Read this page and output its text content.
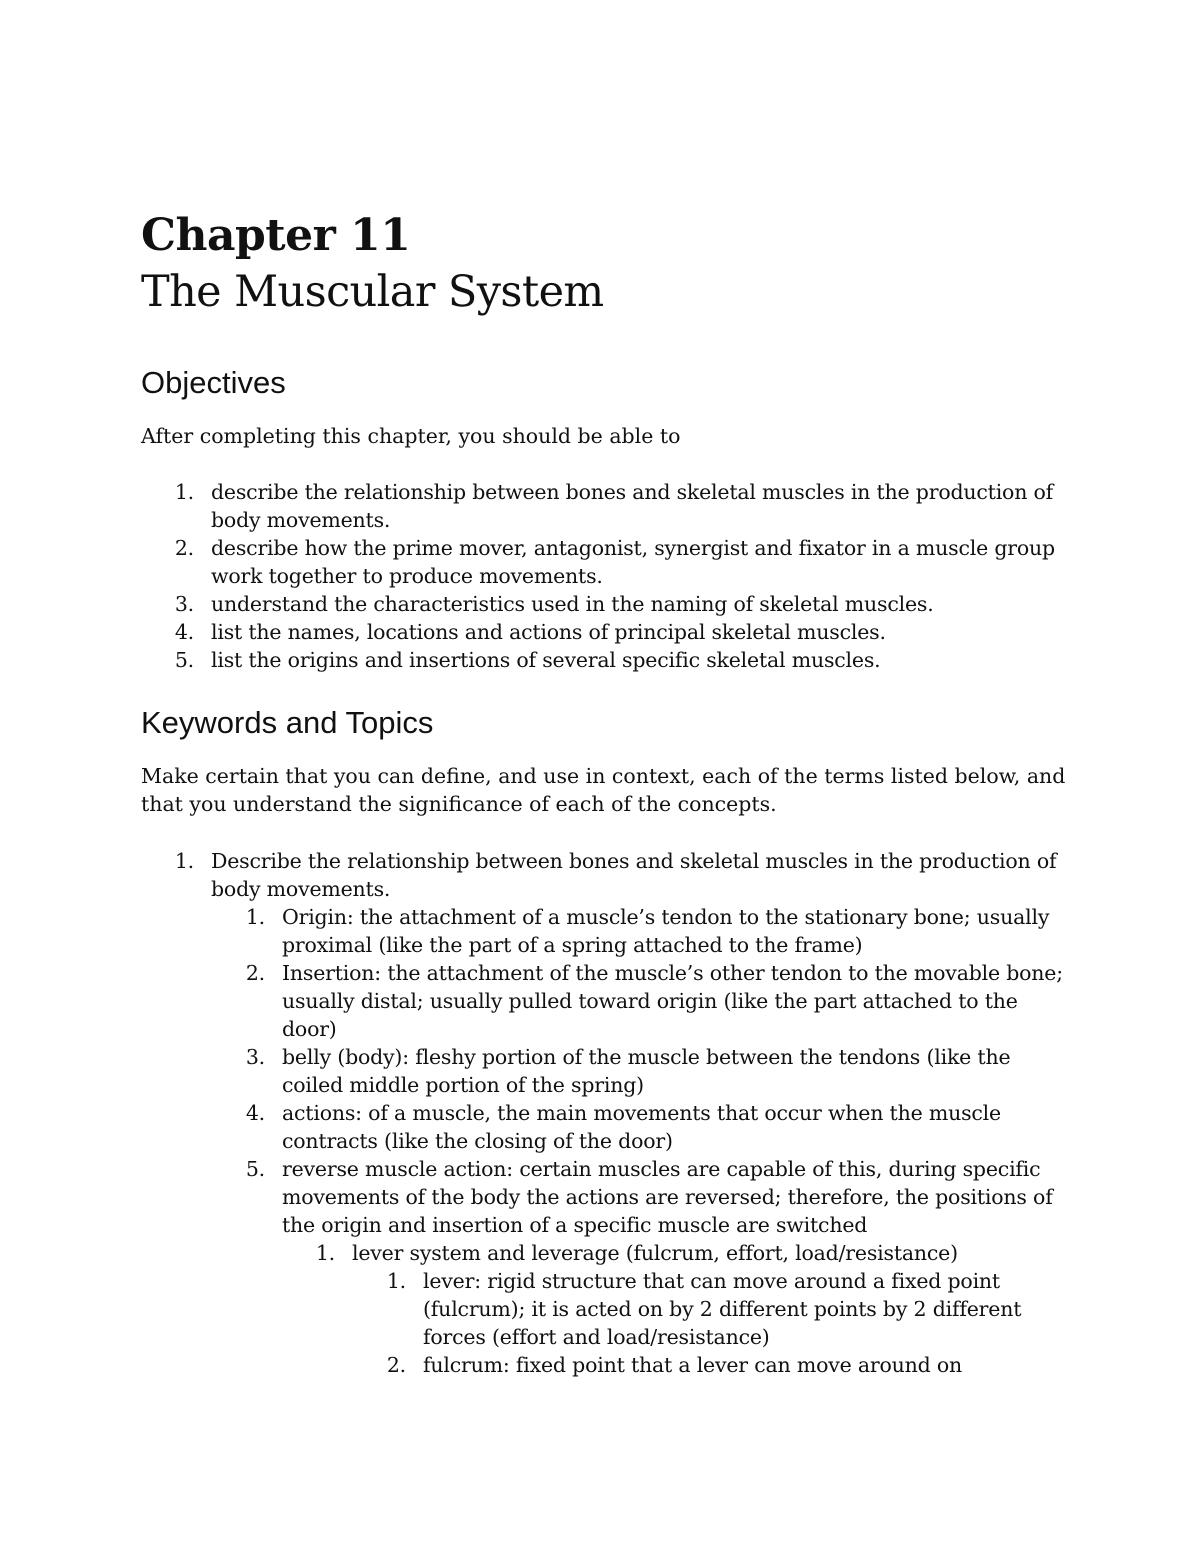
Chapter 11
The Muscular System
Objectives

After completing this chapter, you should be able to

1. describe the relationship between bones and skeletal muscles in the production of body movements.
2. describe how the prime mover, antagonist, synergist and fixator in a muscle group work together to produce movements.
3. understand the characteristics used in the naming of skeletal muscles.
4. list the names, locations and actions of principal skeletal muscles.
5. list the origins and insertions of several specific skeletal muscles.
Keywords and Topics

Make certain that you can define, and use in context, each of the terms listed below, and that you understand the significance of each of the concepts.

1. Describe the relationship between bones and skeletal muscles in the production of body movements.
1. Origin: the attachment of a muscle’s tendon to the stationary bone; usually proximal (like the part of a spring attached to the frame)
2. Insertion: the attachment of the muscle’s other tendon to the movable bone; usually distal; usually pulled toward origin (like the part attached to the door)
3. belly (body): fleshy portion of the muscle between the tendons (like the coiled middle portion of the spring)
4. actions: of a muscle, the main movements that occur when the muscle contracts (like the closing of the door)
5. reverse muscle action: certain muscles are capable of this, during specific movements of the body the actions are reversed; therefore, the positions of the origin and insertion of a specific muscle are switched
1. lever system and leverage (fulcrum, effort, load/resistance)
1. lever: rigid structure that can move around a fixed point (fulcrum); it is acted on by 2 different points by 2 different forces (effort and load/resistance)
2. fulcrum: fixed point that a lever can move around on
